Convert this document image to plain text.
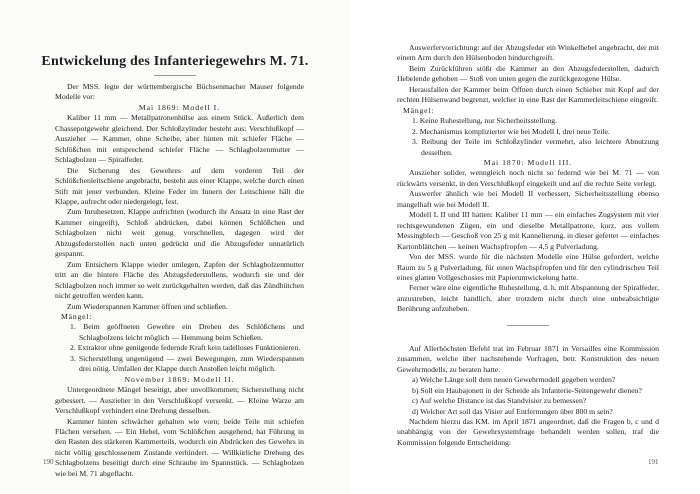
Entwickelung des Infanteriegewehrs M. 71.

Der MSS. legte der württembergische Büchsenmacher Mauser folgende Modelle vor:

Mai 1869: Modell I.

Kaliber 11 mm — Metallpatronenhülse aus einem Stück. Äußerlich dem Chassepotgewehr gleichend. Der Schloßzylinder besteht aus: Verschlußkopf — Auszieher — Kammer, ohne Scheibe, aber hinten mit schiefer Fläche — Schlößchen mit entsprechend schiefer Fläche — Schlagbolzenmutter — Schlagbolzen — Spiralfeder.

Die Sicherung des Gewehres auf dem vorderen Teil der Schlößchenleitschiene angebracht, besteht aus einer Klappe, welche durch einen Stift mit jener verbunden. Kleine Feder im Innern der Leitschiene hält die Klappe, aufrecht oder niedergelegt, fest.

Zum Inruhesetzen, Klappe aufrichten (wodurch ihr Ansatz in eine Rast der Kammer eingreift), Schloß abdrücken, dabei können Schlößchen und Schlagbolzen nicht weit genug vorschnellen, dagegen wird der Abzugsfederstollen nach unten gedrückt und die Abzugsfeder unnatürlich gespannt.

Zum Entsichern Klappe wieder umlegen, Zapfen der Schlagbolzenmutter tritt an die hintere Fläche des Abzugsfederstollens, wodurch sie und der Schlagbolzen noch immer so weit zurückgehalten werden, daß das Zündhütchen nicht getroffen werden kann.

Zum Wiederspannen Kammer öffnen und schließen.

Mängel:

1. Beim geöffneten Gewehre ein Drehen des Schlößchens und Schlagbolzens leicht möglich — Hemmung beim Schießen.

2. Extraktor ohne genügende federnde Kraft kein tadelloses Funktionieren.

3. Sicherstellung ungenügend — zwei Bewegungen, zum Wiederspannen drei nötig. Umfallen der Klappe durch Anstoßen leicht möglich.

November 1869: Modell II.

Untergeordnete Mängel beseitigt, aber unvollkommen; Sicherstellung nicht gebessert. — Auszieher in den Verschlußkopf versenkt. — Kleine Warze am Verschlußkopf verhindert eine Drehung desselben.

Kammer hinten schwächer gehalten wie vorn; beide Teile mit schiefen Flächen versehen. — Ein Hebel, vom Schlößchen ausgehend, hat Führung in den Rasten des stärkeren Kammerteils, wodurch ein Abdrücken des Gewehrs in nicht völlig geschlossenem Zustande verhindert. — Willkürliche Drehung des Schlagbolzens beseitigt durch eine Schraube im Spannstück. — Schlagbolzen wie bei M. 71 abgeflacht.

190

Auswerfervorrichtung: auf der Abzugsfeder ein Winkelhebel angebracht, der mit einem Arm durch den Hülsenboden hindurchgreift.

Beim Zurückführen stößt die Kammer an den Abzugsfederstollen, dadurch Hebelende gehoben — Stoß von unten gegen die zurückgezogene Hülse.

Herausfallen der Kammer beim Öffnen durch einen Schieber mit Kopf auf der rechten Hülsenwand begrenzt, welcher in eine Rast der Kammerleitschiene eingreift.

Mängel:

1. Keine Ruhestellung, nur Sicherheitsstellung.

2. Mechanismus komplizierter wie bei Modell I, drei neue Teile.

3. Reibung der Teile im Schloßzylinder vermehrt, also leichtere Abnutzung desselben.

Mai 1870: Modell III.

Auszieher solider, wenngleich noch nicht so federnd wie bei M. 71 — von rückwärts versenkt, in den Verschlußkopf eingekeilt und auf die rechte Seite verlegt.

Auswerfer ähnlich wie bei Modell II verbessert, Sicherheitsstellung ebenso mangelhaft wie bei Modell II.

Modell I, II und III hatten: Kaliber 11 mm — ein einfaches Zugsystem mit vier rechtsgewundenen Zügen, ein und dieselbe Metallpatrone, kurz, aus vollem Messingblech — Geschoß von 25 g mit Kannelierung, in dieser gefettet — einfaches Kartonblättchen — keinen Wachspfropfen — 4,5 g Pulverladung.

Von der MSS. wurde für die nächsten Modelle eine Hülse gefordert, welche Raum zu 5 g Pulverladung, für einen Wachspfropfen und für den cylindrischen Teil eines glatten Vollgeschosses mit Papierumwickelung hatte.

Ferner wäre eine eigentliche Ruhestellung, d. h. mit Abspannung der Spiralfeder, anzustreben, leicht handlich, aber trotzdem nicht durch eine unbeabsichtigte Berührung aufzuheben.

Auf Allerhöchsten Befehl trat im Februar 1871 in Versailles eine Kommission zusammen, welche über nachstehende Vorfragen, betr. Konstruktion des neuen Gewehrmodells, zu beraten hatte.

a) Welche Länge soll dem neuen Gewehrmodell gegeben werden?

b) Soll ein Haubajonett in der Scheide als Infanterie-Seitengewehr dienen?

c) Auf welche Distance ist das Standvisier zu bemessen?

d) Welcher Art soll das Visier auf Entfernungen über 800 m sein?

Nachdem hierzu das KM. im April 1871 angeordnet, daß die Fragen b, c und d unabhängig von der Gewehrsystemfrage behandelt werden sollen, traf die Kommission folgende Entscheidung:

191
